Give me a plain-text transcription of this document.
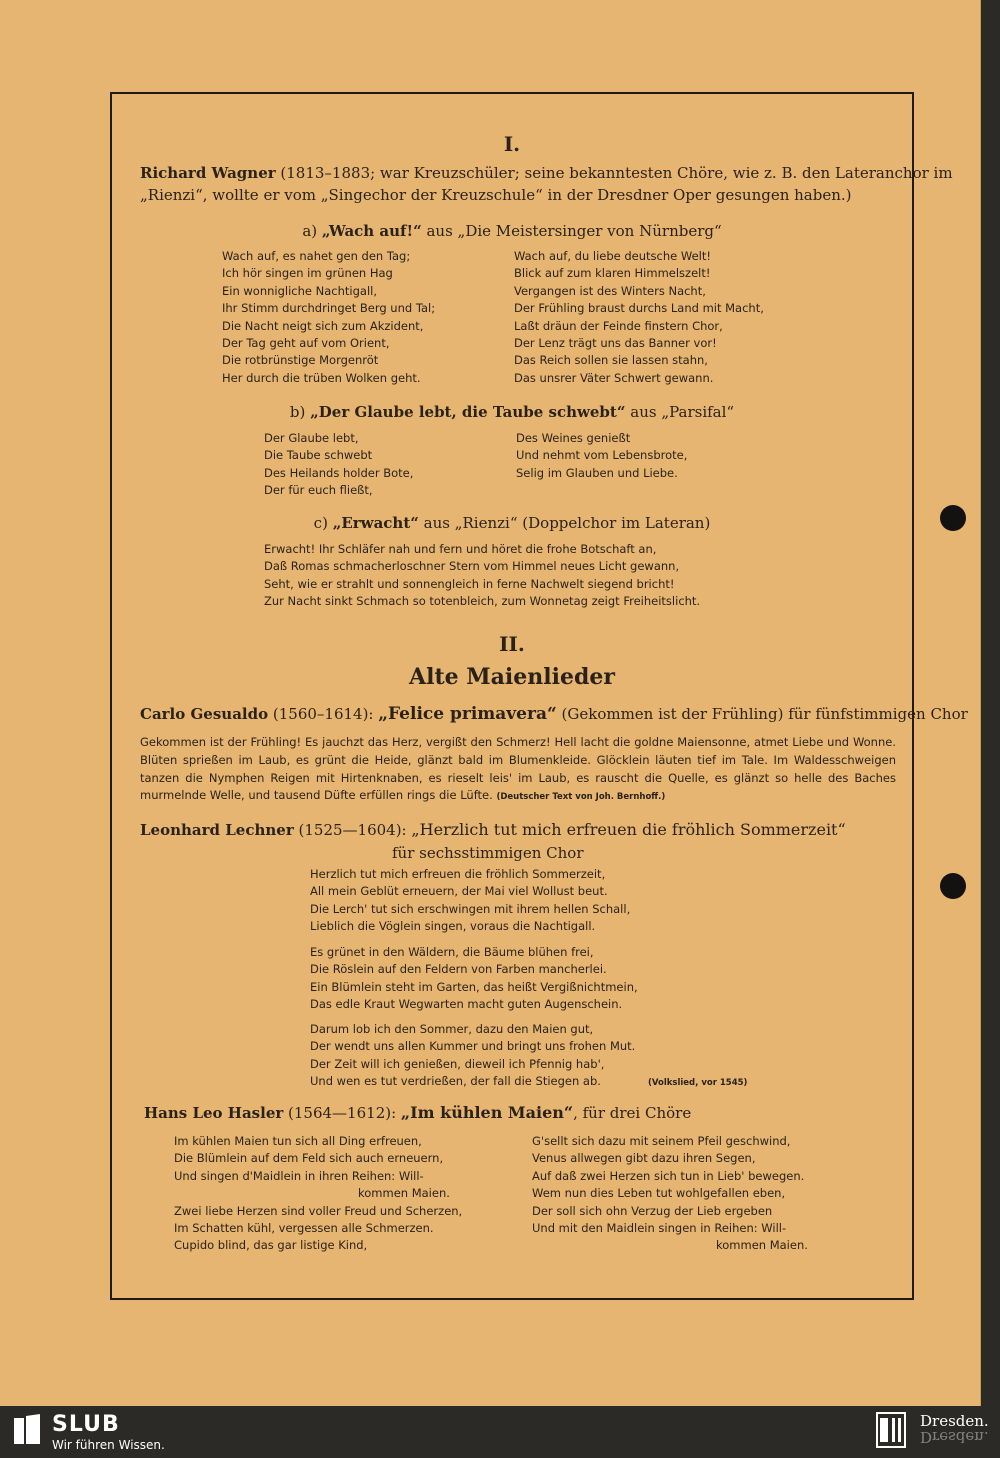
I.
Richard Wagner (1813–1883; war Kreuzschüler; seine bekanntesten Chöre, wie z. B. den Lateranchor im
„Rienzi“, wollte er vom „Singechor der Kreuzschule“ in der Dresdner Oper gesungen haben.)
a) „Wach auf!“ aus „Die Meistersinger von Nürnberg“
Wach auf, es nahet gen den Tag;
Ich hör singen im grünen Hag
Ein wonnigliche Nachtigall,
Ihr Stimm durchdringet Berg und Tal;
Die Nacht neigt sich zum Akzident,
Der Tag geht auf vom Orient,
Die rotbrünstige Morgenröt
Her durch die trüben Wolken geht.
Wach auf, du liebe deutsche Welt!
Blick auf zum klaren Himmelszelt!
Vergangen ist des Winters Nacht,
Der Frühling braust durchs Land mit Macht,
Laßt dräun der Feinde finstern Chor,
Der Lenz trägt uns das Banner vor!
Das Reich sollen sie lassen stahn,
Das unsrer Väter Schwert gewann.
b) „Der Glaube lebt, die Taube schwebt“ aus „Parsifal“
Der Glaube lebt,
Die Taube schwebt
Des Heilands holder Bote,
Der für euch fließt,
Des Weines genießt
Und nehmt vom Lebensbrote,
Selig im Glauben und Liebe.
c) „Erwacht“ aus „Rienzi“ (Doppelchor im Lateran)
Erwacht! Ihr Schläfer nah und fern und höret die frohe Botschaft an,
Daß Romas schmacherloschner Stern vom Himmel neues Licht gewann,
Seht, wie er strahlt und sonnengleich in ferne Nachwelt siegend bricht!
Zur Nacht sinkt Schmach so totenbleich, zum Wonnetag zeigt Freiheitslicht.
II.
Alte Maienlieder
Carlo Gesualdo (1560–1614): „Felice primavera“ (Gekommen ist der Frühling) für fünfstimmigen Chor
Gekommen ist der Frühling! Es jauchzt das Herz, vergißt den Schmerz! Hell lacht die goldne Maiensonne, atmet Liebe und Wonne. Blüten sprießen im Laub, es grünt die Heide, glänzt bald im Blumenkleide. Glöcklein läuten tief im Tale. Im Waldesschweigen tanzen die Nymphen Reigen mit Hirtenknaben, es rieselt leis' im Laub, es rauscht die Quelle, es glänzt so helle des Baches murmelnde Welle, und tausend Düfte erfüllen rings die Lüfte. (Deutscher Text von Joh. Bernhoff.)
Leonhard Lechner (1525—1604): „Herzlich tut mich erfreuen die fröhlich Sommerzeit“
für sechsstimmigen Chor
Herzlich tut mich erfreuen die fröhlich Sommerzeit,
All mein Geblüt erneuern, der Mai viel Wollust beut.
Die Lerch' tut sich erschwingen mit ihrem hellen Schall,
Lieblich die Vöglein singen, voraus die Nachtigall.
Es grünet in den Wäldern, die Bäume blühen frei,
Die Röslein auf den Feldern von Farben mancherlei.
Ein Blümlein steht im Garten, das heißt Vergißnichtmein,
Das edle Kraut Wegwarten macht guten Augenschein.
Darum lob ich den Sommer, dazu den Maien gut,
Der wendt uns allen Kummer und bringt uns frohen Mut.
Der Zeit will ich genießen, dieweil ich Pfennig hab',
Und wen es tut verdrießen, der fall die Stiegen ab.	(Volkslied, vor 1545)
Hans Leo Hasler (1564—1612): „Im kühlen Maien“, für drei Chöre
Im kühlen Maien tun sich all Ding erfreuen,
Die Blümlein auf dem Feld sich auch erneuern,
Und singen d'Maidlein in ihren Reihen: Will-
kommen Maien.
Zwei liebe Herzen sind voller Freud und Scherzen,
Im Schatten kühl, vergessen alle Schmerzen.
Cupido blind, das gar listige Kind,
G'sellt sich dazu mit seinem Pfeil geschwind,
Venus allwegen gibt dazu ihren Segen,
Auf daß zwei Herzen sich tun in Lieb' bewegen.
Wem nun dies Leben tut wohlgefallen eben,
Der soll sich ohn Verzug der Lieb ergeben
Und mit den Maidlein singen in Reihen: Will-
kommen Maien.
SLUB
Wir führen Wissen.
Dresden.
Dresden.
